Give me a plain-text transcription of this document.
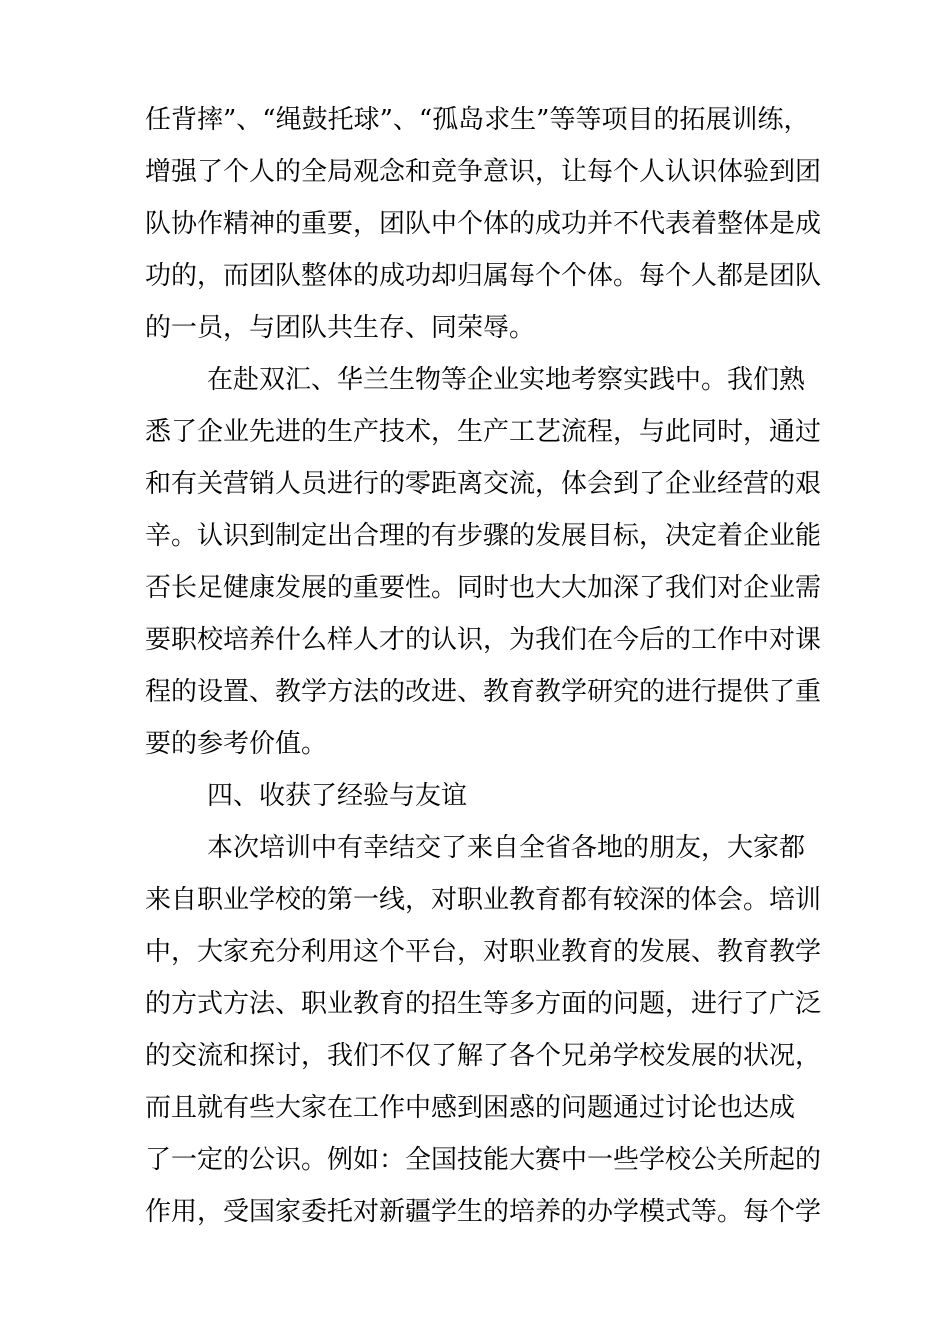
任背摔”、“绳鼓托球”、“孤岛求生”等等项目的拓展训练，
增强了个人的全局观念和竞争意识，让每个人认识体验到团
队协作精神的重要，团队中个体的成功并不代表着整体是成
功的，而团队整体的成功却归属每个个体。每个人都是团队
的一员，与团队共生存、同荣辱。
在赴双汇、华兰生物等企业实地考察实践中。我们熟
悉了企业先进的生产技术，生产工艺流程，与此同时，通过
和有关营销人员进行的零距离交流，体会到了企业经营的艰
辛。认识到制定出合理的有步骤的发展目标，决定着企业能
否长足健康发展的重要性。同时也大大加深了我们对企业需
要职校培养什么样人才的认识，为我们在今后的工作中对课
程的设置、教学方法的改进、教育教学研究的进行提供了重
要的参考价值。
四、收获了经验与友谊
本次培训中有幸结交了来自全省各地的朋友，大家都
来自职业学校的第一线，对职业教育都有较深的体会。培训
中，大家充分利用这个平台，对职业教育的发展、教育教学
的方式方法、职业教育的招生等多方面的问题，进行了广泛
的交流和探讨，我们不仅了解了各个兄弟学校发展的状况，
而且就有些大家在工作中感到困惑的问题通过讨论也达成
了一定的公识。例如：全国技能大赛中一些学校公关所起的
作用，受国家委托对新疆学生的培养的办学模式等。每个学
